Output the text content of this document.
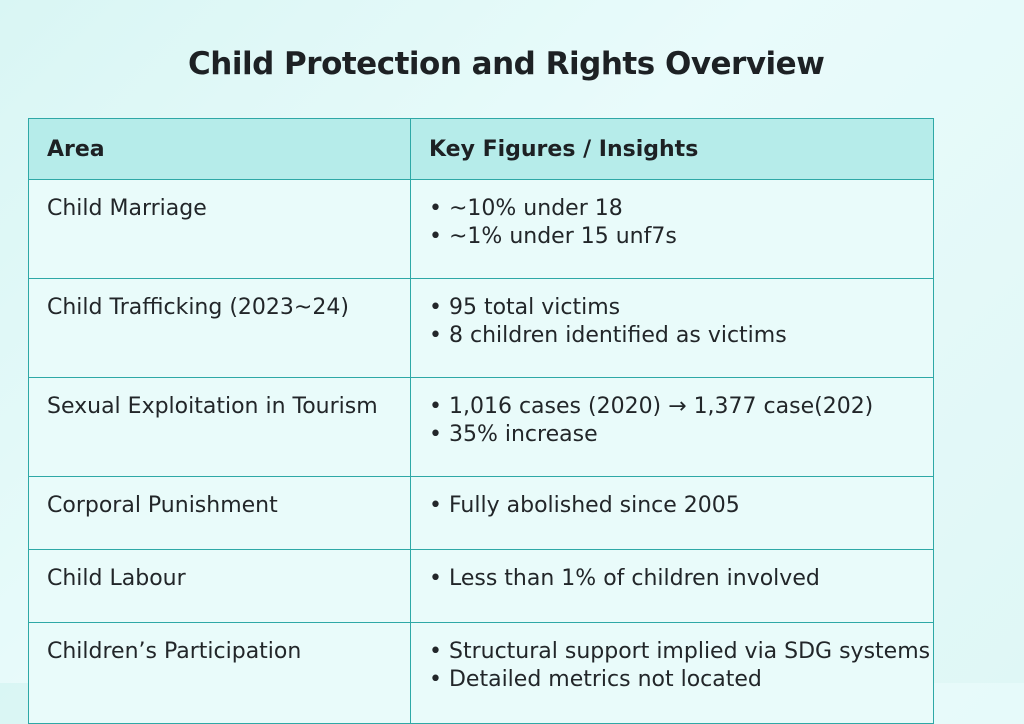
Child Protection and Rights Overview
Area	Key Figures / Insights
Child Marriage	• ~10% under 18
• ~1% under 15 unf7s

Child Trafficking (2023~24)	• 95 total victims
• 8 children identified as victims

Sexual Exploitation in Tourism	• 1,016 cases (2020) → 1,377 case(202)
• 35% increase

Corporal Punishment	• Fully abolished since 2005

Child Labour	• Less than 1% of children involved

Children’s Participation	• Structural support implied via SDG systems
• Detailed metrics not located
